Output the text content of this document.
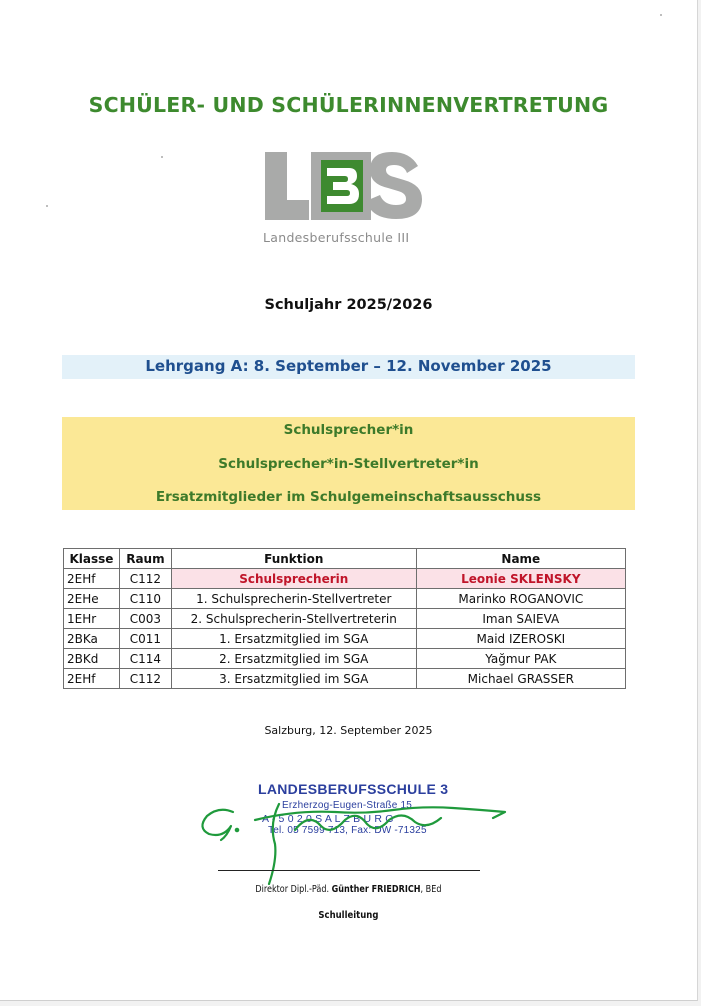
SCHÜLER- UND SCHÜLERINNENVERTRETUNG
Landesberufsschule III
Schuljahr 2025/2026
Lehrgang A: 8. September – 12. November 2025
Schulsprecher*in
Schulsprecher*in-Stellvertreter*in
Ersatzmitglieder im Schulgemeinschaftsausschuss
Klasse	Raum	Funktion	Name
2EHf	C112	Schulsprecherin	Leonie SKLENSKY
2EHe	C110	1. Schulsprecherin-Stellvertreter	Marinko ROGANOVIC
1EHr	C003	2. Schulsprecherin-Stellvertreterin	Iman SAIEVA
2BKa	C011	1. Ersatzmitglied im SGA	Maid IZEROSKI
2BKd	C114	2. Ersatzmitglied im SGA	Yağmur PAK
2EHf	C112	3. Ersatzmitglied im SGA	Michael GRASSER
Salzburg, 12. September 2025
LANDESBERUFSSCHULE 3
Erzherzog-Eugen-Straße 15
A - 5 0 2 0 S A L Z B U R G
Tel. 05 7599 713, Fax: DW -71325
Direktor Dipl.-Päd. Günther FRIEDRICH, BEd
Schulleitung
